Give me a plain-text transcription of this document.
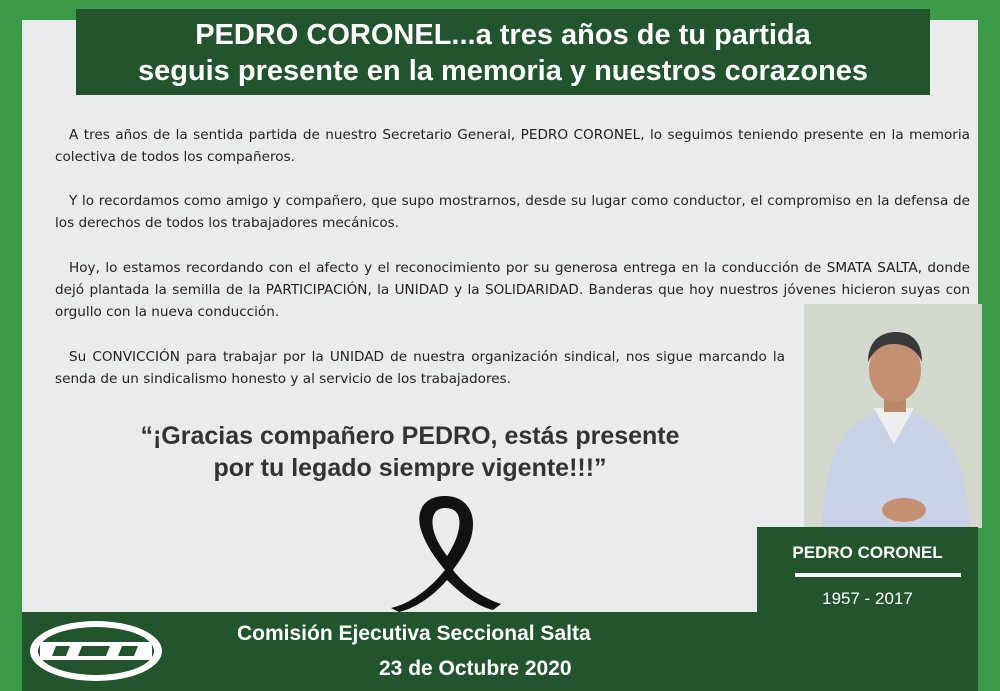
PEDRO CORONEL...a tres años de tu partida
seguis presente en la memoria y nuestros corazones

A tres años de la sentida partida de nuestro Secretario General, PEDRO CORONEL, lo seguimos teniendo presente en la memoria colectiva de todos los compañeros.

Y lo recordamos como amigo y compañero, que supo mostrarnos, desde su lugar como conductor, el compromiso en la defensa de los derechos de todos los trabajadores mecánicos.

Hoy, lo estamos recordando con el afecto y el reconocimiento por su generosa entrega en la conducción de SMATA SALTA, donde dejó plantada la semilla de la PARTICIPACIÓN, la UNIDAD y la SOLIDARIDAD. Banderas que hoy nuestros jóvenes hicieron suyas con orgullo con la nueva conducción.

Su CONVICCIÓN para trabajar por la UNIDAD de nuestra organización sindical, nos sigue marcando la senda de un sindicalismo honesto y al servicio de los trabajadores.

“¡Gracias compañero PEDRO, estás presente
por tu legado siempre vigente!!!”
PEDRO CORONEL
1957 - 2017
Comisión Ejecutiva Seccional Salta
23 de Octubre 2020
